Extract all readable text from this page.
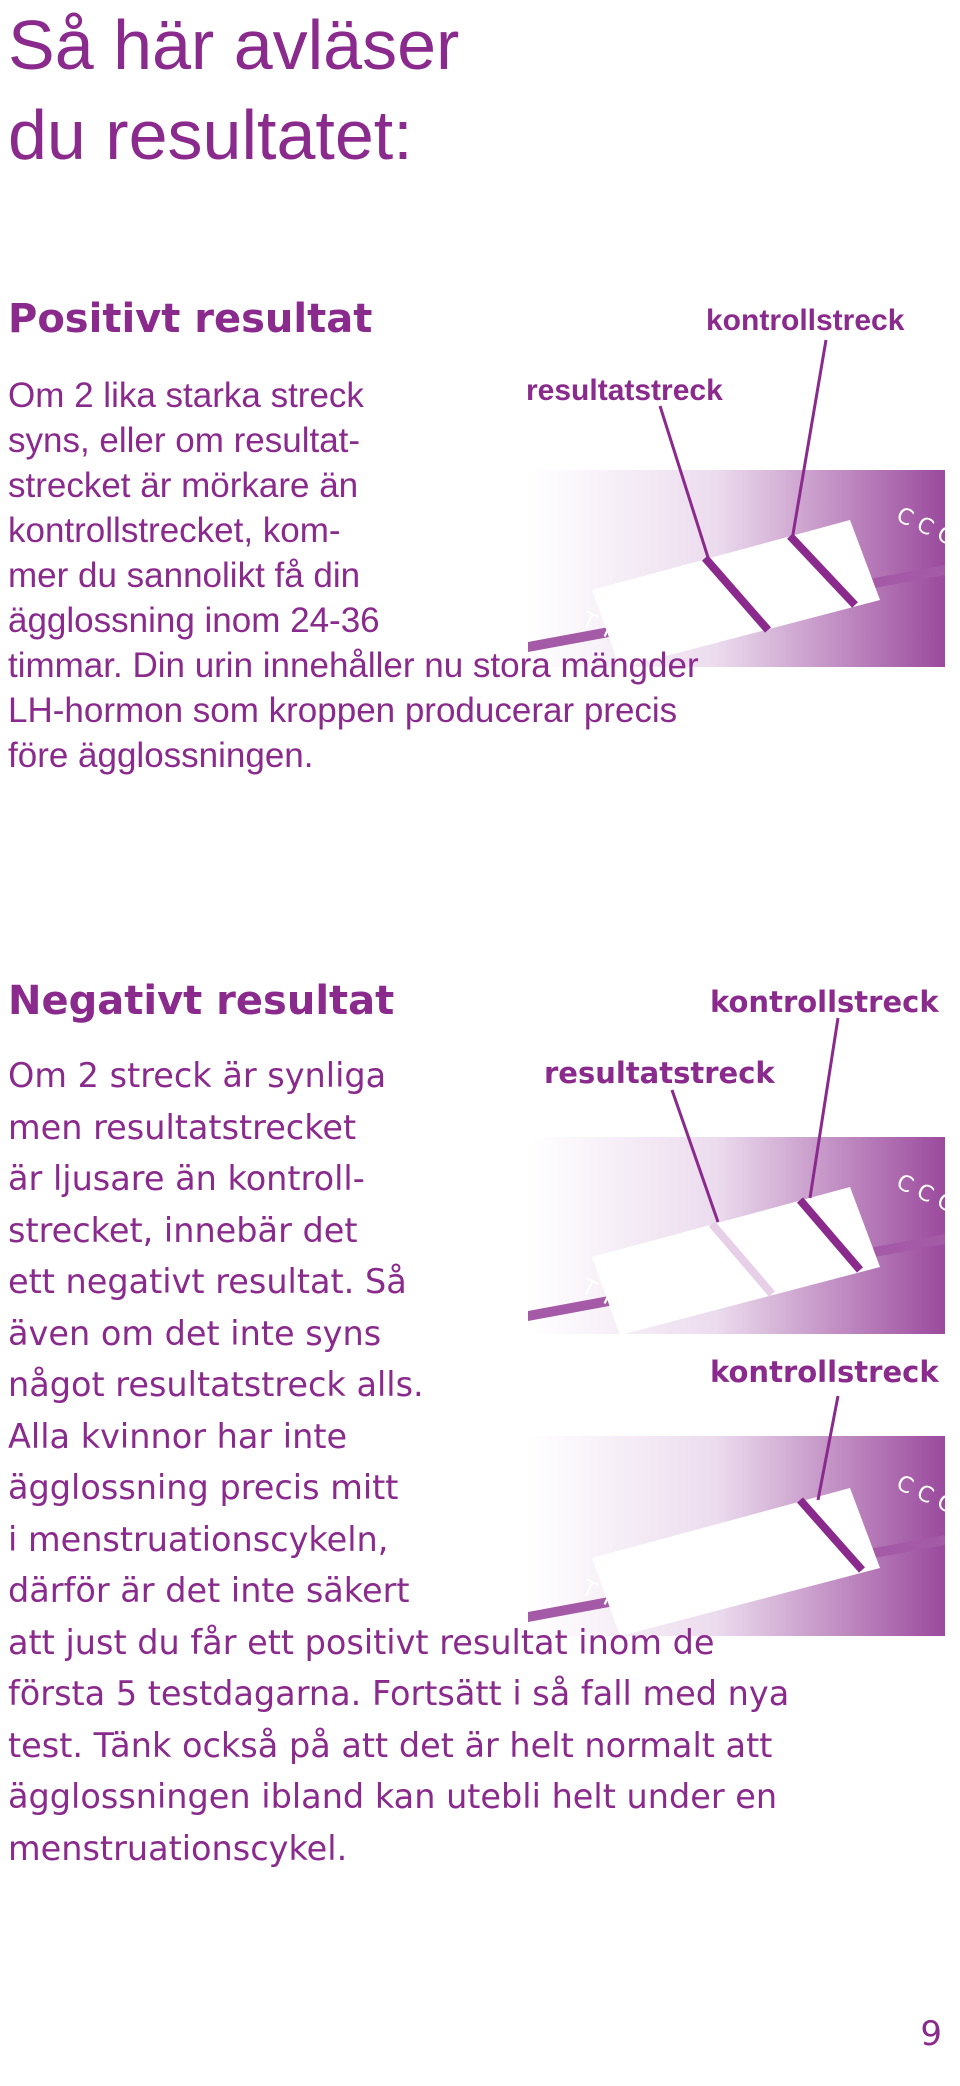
Så här avläser
du resultatet:
Positivt resultat	kontrollstreck
resultatstreck
C C C
T T T
C C C
T T T
C C C
T T T
Om 2 lika starka streck
syns, eller om resultat-
strecket är mörkare än
kontrollstrecket, kom-
mer du sannolikt få din
ägglossning inom 24-36
timmar. Din urin innehåller nu stora mängder
LH-hormon som kroppen producerar precis
före ägglossningen.
Negativt resultat	kontrollstreck
resultatstreck
kontrollstreck
Om 2 streck är synliga
men resultatstrecket
är ljusare än kontroll-
strecket, innebär det
ett negativt resultat. Så
även om det inte syns
något resultatstreck alls.
Alla kvinnor har inte
ägglossning precis mitt
i menstruationscykeln,
därför är det inte säkert
att just du får ett positivt resultat inom de
första 5 testdagarna. Fortsätt i så fall med nya
test. Tänk också på att det är helt normalt att
ägglossningen ibland kan utebli helt under en
menstruationscykel.
9
